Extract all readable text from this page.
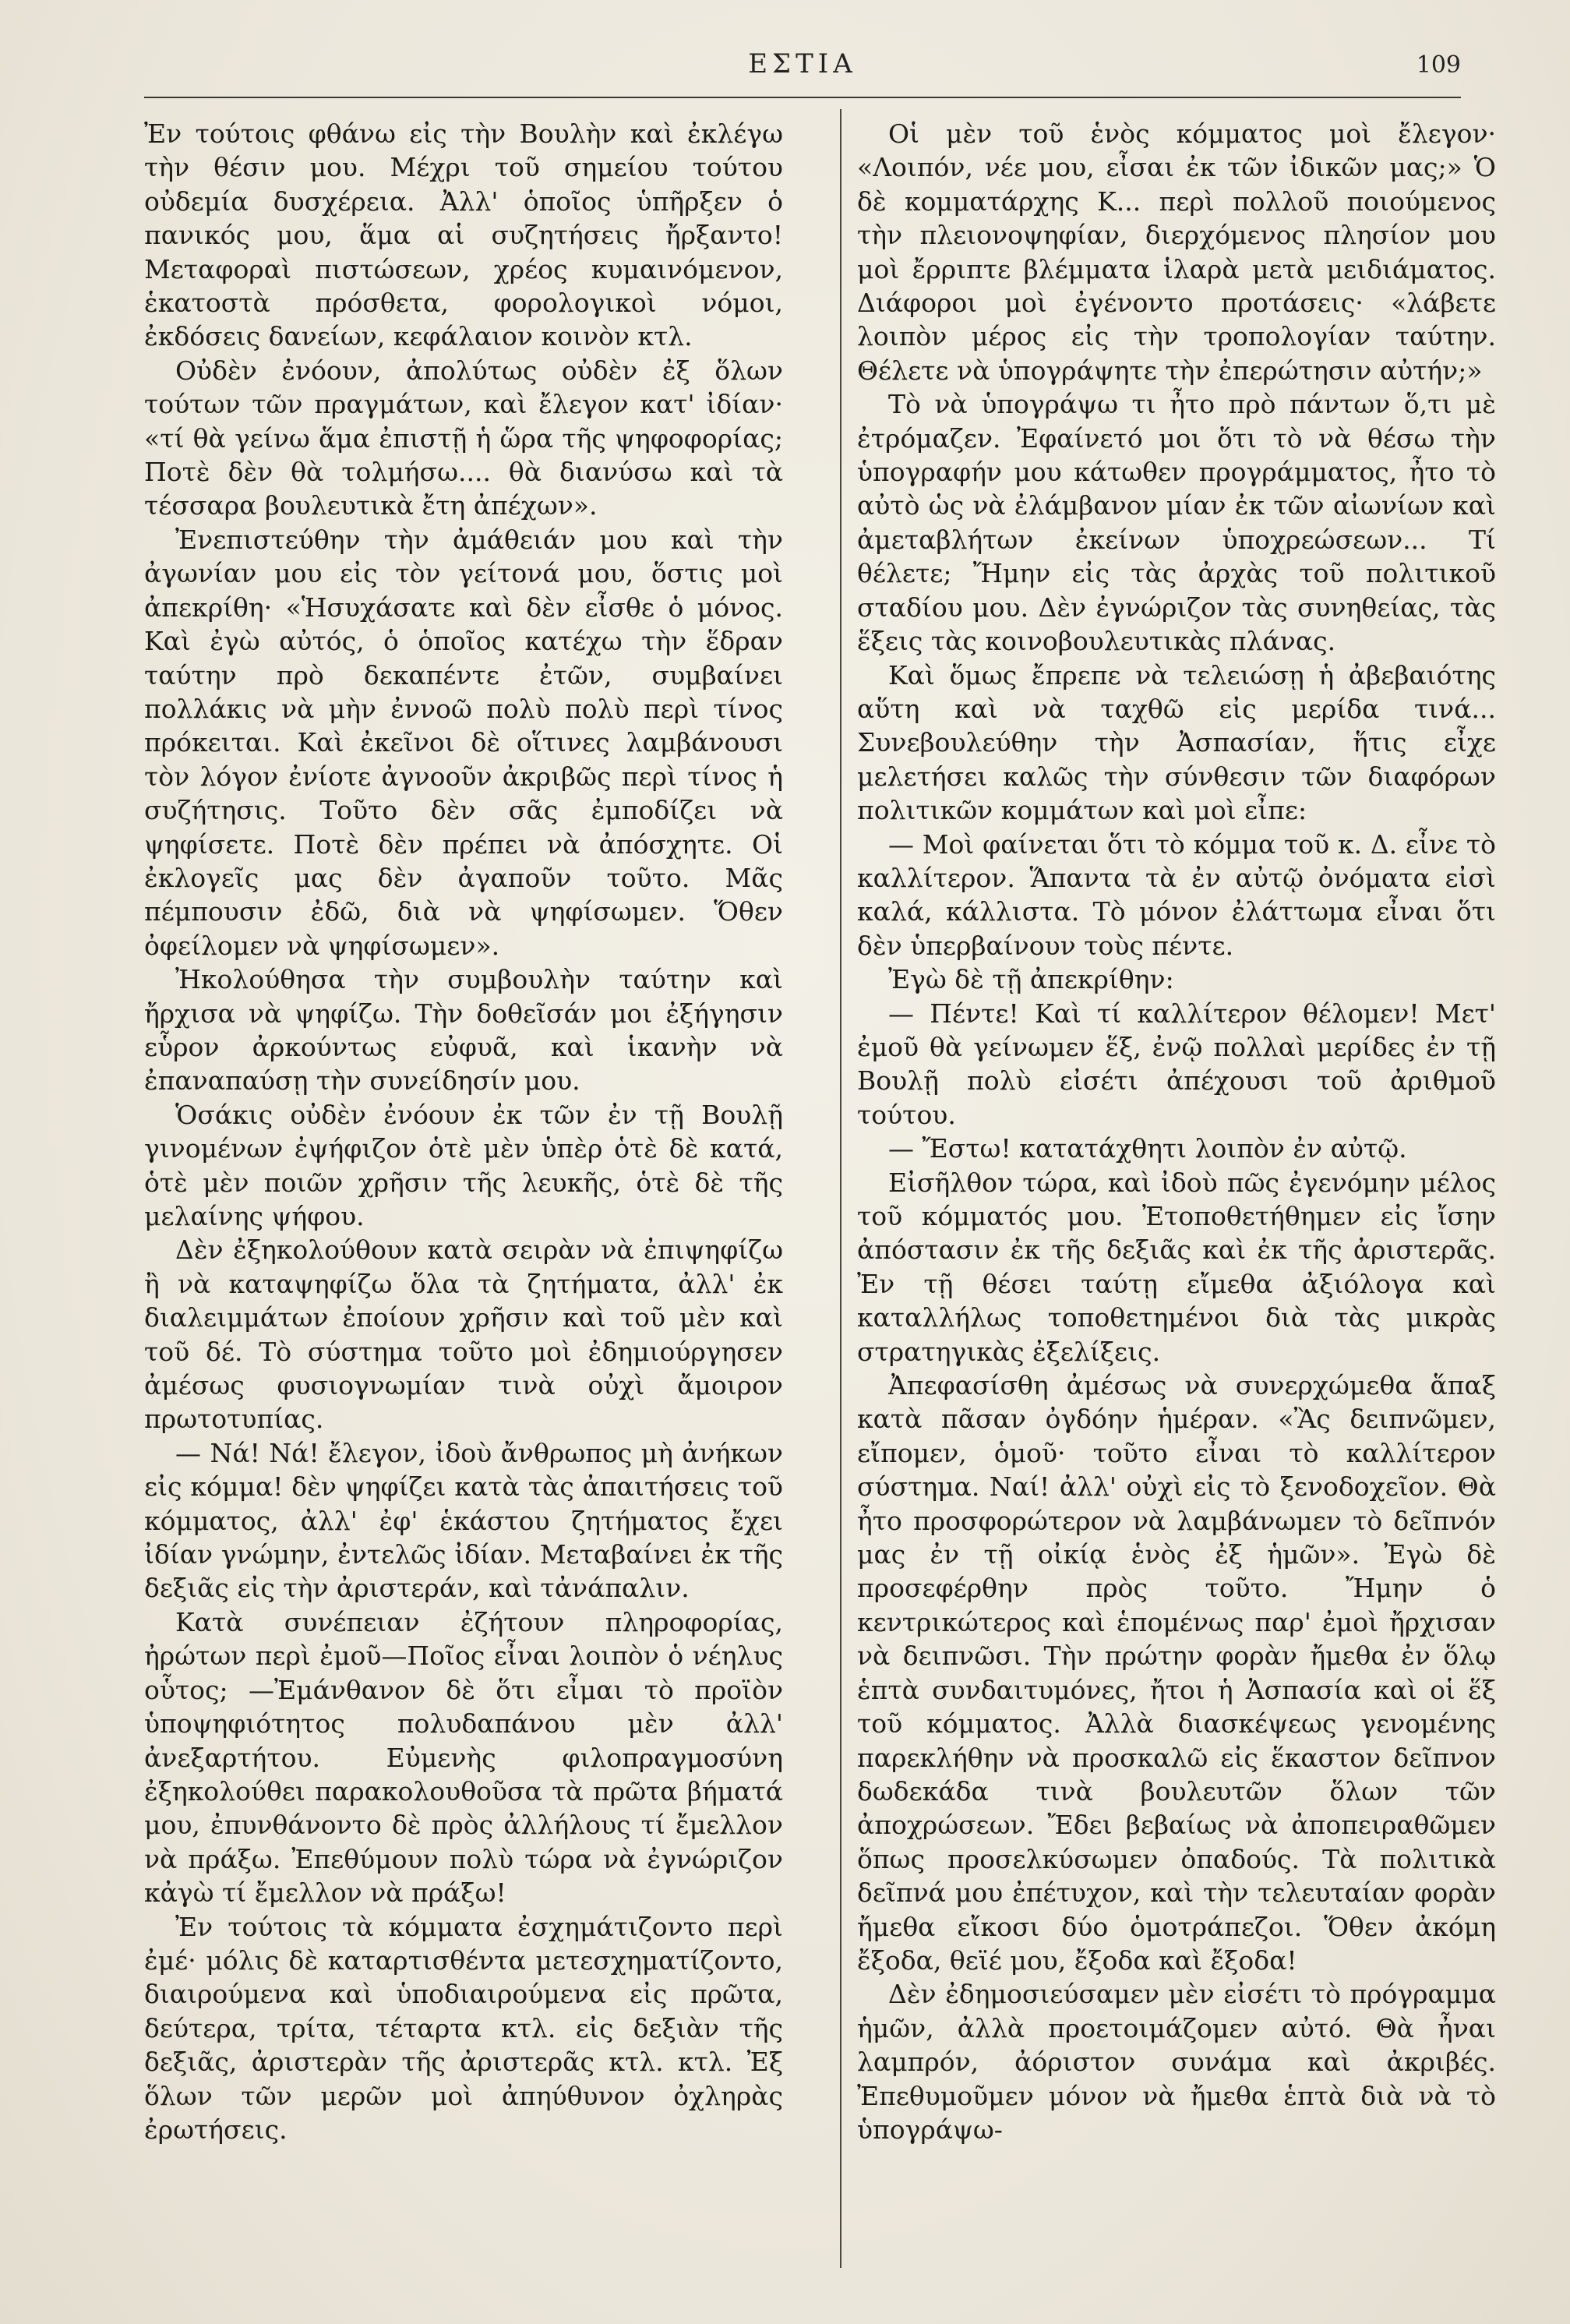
ΕΣΤΙΑ	109

Ἐν τούτοις φθάνω εἰς τὴν Βουλὴν καὶ ἐκλέγω τὴν θέσιν μου. Μέχρι τοῦ σημείου τούτου οὐδεμία δυσχέρεια. Ἀλλ' ὁποῖος ὑπῆρξεν ὁ πανικός μου, ἅμα αἱ συζητήσεις ἤρξαντο! Μεταφοραὶ πιστώσεων, χρέος κυμαινόμενον, ἑκατοστὰ πρόσθετα, φορολογικοὶ νόμοι, ἐκδόσεις δανείων, κεφάλαιον κοινὸν κτλ.

Οὐδὲν ἐνόουν, ἀπολύτως οὐδὲν ἐξ ὅλων τούτων τῶν πραγμάτων, καὶ ἔλεγον κατ' ἰδίαν· «τί θὰ γείνω ἅμα ἐπιστῇ ἡ ὥρα τῆς ψηφοφορίας; Ποτὲ δὲν θὰ τολμήσω.... θὰ διανύσω καὶ τὰ τέσσαρα βουλευτικὰ ἔτη ἀπέχων».

Ἐνεπιστεύθην τὴν ἀμάθειάν μου καὶ τὴν ἀγωνίαν μου εἰς τὸν γείτονά μου, ὅστις μοὶ ἀπεκρίθη· «Ἡσυχάσατε καὶ δὲν εἶσθε ὁ μόνος. Καὶ ἐγὼ αὐτός, ὁ ὁποῖος κατέχω τὴν ἕδραν ταύτην πρὸ δεκαπέντε ἐτῶν, συμβαίνει πολλάκις νὰ μὴν ἐννοῶ πολὺ πολὺ περὶ τίνος πρόκειται. Καὶ ἐκεῖνοι δὲ οἵτινες λαμβάνουσι τὸν λόγον ἐνίοτε ἀγνοοῦν ἀκριβῶς περὶ τίνος ἡ συζήτησις. Τοῦτο δὲν σᾶς ἐμποδίζει νὰ ψηφίσετε. Ποτὲ δὲν πρέπει νὰ ἀπόσχητε. Οἱ ἐκλογεῖς μας δὲν ἀγαποῦν τοῦτο. Μᾶς πέμπουσιν ἐδῶ, διὰ νὰ ψηφίσωμεν. Ὅθεν ὀφείλομεν νὰ ψηφίσωμεν».

Ἠκολούθησα τὴν συμβουλὴν ταύτην καὶ ἤρχισα νὰ ψηφίζω. Τὴν δοθεῖσάν μοι ἐξήγησιν εὗρον ἀρκούντως εὐφυᾶ, καὶ ἱκανὴν νὰ ἐπαναπαύσῃ τὴν συνείδησίν μου.

Ὁσάκις οὐδὲν ἐνόουν ἐκ τῶν ἐν τῇ Βουλῇ γινομένων ἐψήφιζον ὁτὲ μὲν ὑπὲρ ὁτὲ δὲ κατά, ὁτὲ μὲν ποιῶν χρῆσιν τῆς λευκῆς, ὁτὲ δὲ τῆς μελαίνης ψήφου.

Δὲν ἐξηκολούθουν κατὰ σειρὰν νὰ ἐπιψηφίζω ἢ νὰ καταψηφίζω ὅλα τὰ ζητήματα, ἀλλ' ἐκ διαλειμμάτων ἐποίουν χρῆσιν καὶ τοῦ μὲν καὶ τοῦ δέ. Τὸ σύστημα τοῦτο μοὶ ἐδημιούργησεν ἀμέσως φυσιογνωμίαν τινὰ οὐχὶ ἄμοιρον πρωτοτυπίας.

— Νά! Νά! ἔλεγον, ἰδοὺ ἄνθρωπος μὴ ἀνήκων εἰς κόμμα! δὲν ψηφίζει κατὰ τὰς ἀπαιτήσεις τοῦ κόμματος, ἀλλ' ἐφ' ἑκάστου ζητήματος ἔχει ἰδίαν γνώμην, ἐντελῶς ἰδίαν. Μεταβαίνει ἐκ τῆς δεξιᾶς εἰς τὴν ἀριστεράν, καὶ τἀνάπαλιν.

Κατὰ συνέπειαν ἐζήτουν πληροφορίας, ἠρώτων περὶ ἐμοῦ—Ποῖος εἶναι λοιπὸν ὁ νέηλυς οὗτος; —Ἐμάνθανον δὲ ὅτι εἶμαι τὸ προϊὸν ὑποψηφιότητος πολυδαπάνου μὲν ἀλλ' ἀνεξαρτήτου. Εὐμενὴς φιλοπραγμοσύνη ἐξηκολούθει παρακολουθοῦσα τὰ πρῶτα βήματά μου, ἐπυνθάνοντο δὲ πρὸς ἀλλήλους τί ἔμελλον νὰ πράξω. Ἐπεθύμουν πολὺ τώρα νὰ ἐγνώριζον κἀγὼ τί ἔμελλον νὰ πράξω!

Ἐν τούτοις τὰ κόμματα ἐσχημάτιζοντο περὶ ἐμέ· μόλις δὲ καταρτισθέντα μετεσχηματίζοντο, διαιρούμενα καὶ ὑποδιαιρούμενα εἰς πρῶτα, δεύτερα, τρίτα, τέταρτα κτλ. εἰς δεξιὰν τῆς δεξιᾶς, ἀριστερὰν τῆς ἀριστερᾶς κτλ. κτλ. Ἐξ ὅλων τῶν μερῶν μοὶ ἀπηύθυνον ὀχληρὰς ἐρωτήσεις.

Οἱ μὲν τοῦ ἑνὸς κόμματος μοὶ ἔλεγον· «Λοιπόν, νέε μου, εἶσαι ἐκ τῶν ἰδικῶν μας;» Ὁ δὲ κομματάρχης Κ... περὶ πολλοῦ ποιούμενος τὴν πλειονοψηφίαν, διερχόμενος πλησίον μου μοὶ ἔρριπτε βλέμματα ἱλαρὰ μετὰ μειδιάματος. Διάφοροι μοὶ ἐγένοντο προτάσεις· «λάβετε λοιπὸν μέρος εἰς τὴν τροπολογίαν ταύτην. Θέλετε νὰ ὑπογράψητε τὴν ἐπερώτησιν αὐτήν;»

Τὸ νὰ ὑπογράψω τι ἦτο πρὸ πάντων ὅ,τι μὲ ἐτρόμαζεν. Ἐφαίνετό μοι ὅτι τὸ νὰ θέσω τὴν ὑπογραφήν μου κάτωθεν προγράμματος, ἦτο τὸ αὐτὸ ὡς νὰ ἐλάμβανον μίαν ἐκ τῶν αἰωνίων καὶ ἀμεταβλήτων ἐκείνων ὑποχρεώσεων... Τί θέλετε; Ἤμην εἰς τὰς ἀρχὰς τοῦ πολιτικοῦ σταδίου μου. Δὲν ἐγνώριζον τὰς συνηθείας, τὰς ἕξεις τὰς κοινοβουλευτικὰς πλάνας.

Καὶ ὅμως ἔπρεπε νὰ τελειώσῃ ἡ ἀβεβαιότης αὕτη καὶ νὰ ταχθῶ εἰς μερίδα τινά... Συνεβουλεύθην τὴν Ἀσπασίαν, ἥτις εἶχε μελετήσει καλῶς τὴν σύνθεσιν τῶν διαφόρων πολιτικῶν κομμάτων καὶ μοὶ εἶπε:

— Μοὶ φαίνεται ὅτι τὸ κόμμα τοῦ κ. Δ. εἶνε τὸ καλλίτερον. Ἅπαντα τὰ ἐν αὐτῷ ὀνόματα εἰσὶ καλά, κάλλιστα. Τὸ μόνον ἐλάττωμα εἶναι ὅτι δὲν ὑπερβαίνουν τοὺς πέντε.

Ἐγὼ δὲ τῇ ἀπεκρίθην:

— Πέντε! Καὶ τί καλλίτερον θέλομεν! Μετ' ἐμοῦ θὰ γείνωμεν ἕξ, ἐνῷ πολλαὶ μερίδες ἐν τῇ Βουλῇ πολὺ εἰσέτι ἀπέχουσι τοῦ ἀριθμοῦ τούτου.

— Ἔστω! κατατάχθητι λοιπὸν ἐν αὐτῷ.

Εἰσῆλθον τώρα, καὶ ἰδοὺ πῶς ἐγενόμην μέλος τοῦ κόμματός μου. Ἐτοποθετήθημεν εἰς ἴσην ἀπόστασιν ἐκ τῆς δεξιᾶς καὶ ἐκ τῆς ἀριστερᾶς. Ἐν τῇ θέσει ταύτῃ εἴμεθα ἀξιόλογα καὶ καταλλήλως τοποθετημένοι διὰ τὰς μικρὰς στρατηγικὰς ἐξελίξεις.

Ἀπεφασίσθη ἀμέσως νὰ συνερχώμεθα ἅπαξ κατὰ πᾶσαν ὀγδόην ἡμέραν. «Ἂς δειπνῶμεν, εἴπομεν, ὁμοῦ· τοῦτο εἶναι τὸ καλλίτερον σύστημα. Ναί! ἀλλ' οὐχὶ εἰς τὸ ξενοδοχεῖον. Θὰ ἦτο προσφορώτερον νὰ λαμβάνωμεν τὸ δεῖπνόν μας ἐν τῇ οἰκίᾳ ἑνὸς ἐξ ἡμῶν». Ἐγὼ δὲ προσεφέρθην πρὸς τοῦτο. Ἤμην ὁ κεντρικώτερος καὶ ἑπομένως παρ' ἐμοὶ ἤρχισαν νὰ δειπνῶσι. Τὴν πρώτην φορὰν ἤμεθα ἐν ὅλῳ ἑπτὰ συνδαιτυμόνες, ἤτοι ἡ Ἀσπασία καὶ οἱ ἕξ τοῦ κόμματος. Ἀλλὰ διασκέψεως γενομένης παρεκλήθην νὰ προσκαλῶ εἰς ἕκαστον δεῖπνον δωδεκάδα τινὰ βουλευτῶν ὅλων τῶν ἀποχρώσεων. Ἔδει βεβαίως νὰ ἀποπειραθῶμεν ὅπως προσελκύσωμεν ὀπαδούς. Τὰ πολιτικὰ δεῖπνά μου ἐπέτυχον, καὶ τὴν τελευταίαν φορὰν ἤμεθα εἴκοσι δύο ὁμοτράπεζοι. Ὅθεν ἀκόμη ἔξοδα, θεϊέ μου, ἔξοδα καὶ ἔξοδα!

Δὲν ἐδημοσιεύσαμεν μὲν εἰσέτι τὸ πρόγραμμα ἡμῶν, ἀλλὰ προετοιμάζομεν αὐτό. Θὰ ἦναι λαμπρόν, ἀόριστον συνάμα καὶ ἀκριβές. Ἐπεθυμοῦμεν μόνον νὰ ἤμεθα ἑπτὰ διὰ νὰ τὸ ὑπογράψω-
